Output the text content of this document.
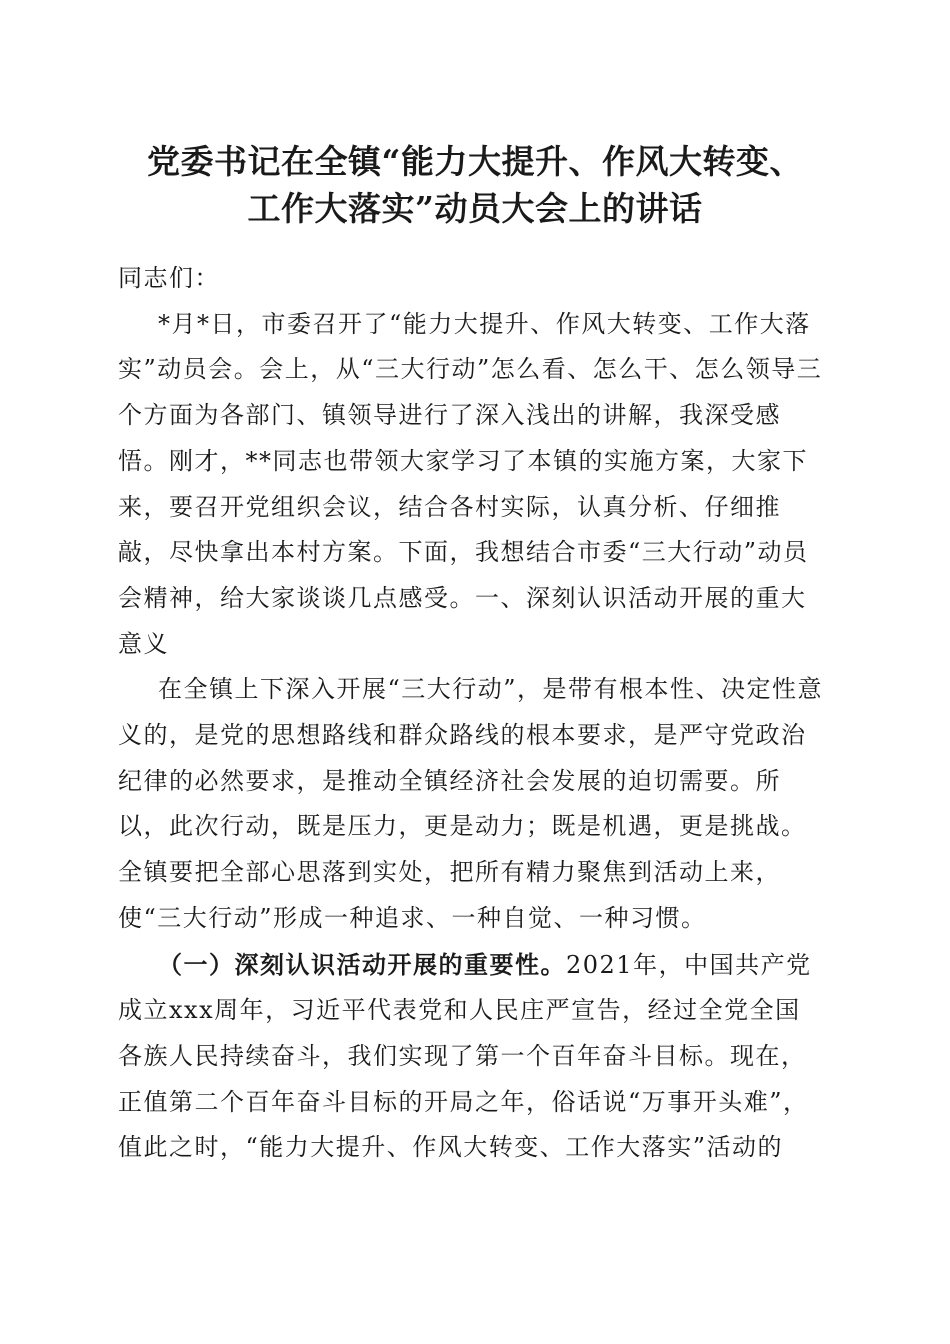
党委书记在全镇“能力大提升、作风大转变、
工作大落实”动员大会上的讲话

同志们：

*月*日，市委召开了“能力大提升、作风大转变、工作大落实”动员会。会上，从“三大行动”怎么看、怎么干、怎么领导三个方面为各部门、镇领导进行了深入浅出的讲解，我深受感悟。刚才，**同志也带领大家学习了本镇的实施方案，大家下来，要召开党组织会议，结合各村实际，认真分析、仔细推敲，尽快拿出本村方案。下面，我想结合市委“三大行动”动员会精神，给大家谈谈几点感受。一、深刻认识活动开展的重大意义

在全镇上下深入开展“三大行动”，是带有根本性、决定性意义的，是党的思想路线和群众路线的根本要求，是严守党政治纪律的必然要求，是推动全镇经济社会发展的迫切需要。所以，此次行动，既是压力，更是动力；既是机遇，更是挑战。全镇要把全部心思落到实处，把所有精力聚焦到活动上来，使“三大行动”形成一种追求、一种自觉、一种习惯。

（一）深刻认识活动开展的重要性。2021年，中国共产党成立xxx周年，习近平代表党和人民庄严宣告，经过全党全国各族人民持续奋斗，我们实现了第一个百年奋斗目标。现在，正值第二个百年奋斗目标的开局之年，俗话说“万事开头难”，值此之时，“能力大提升、作风大转变、工作大落实”活动的
